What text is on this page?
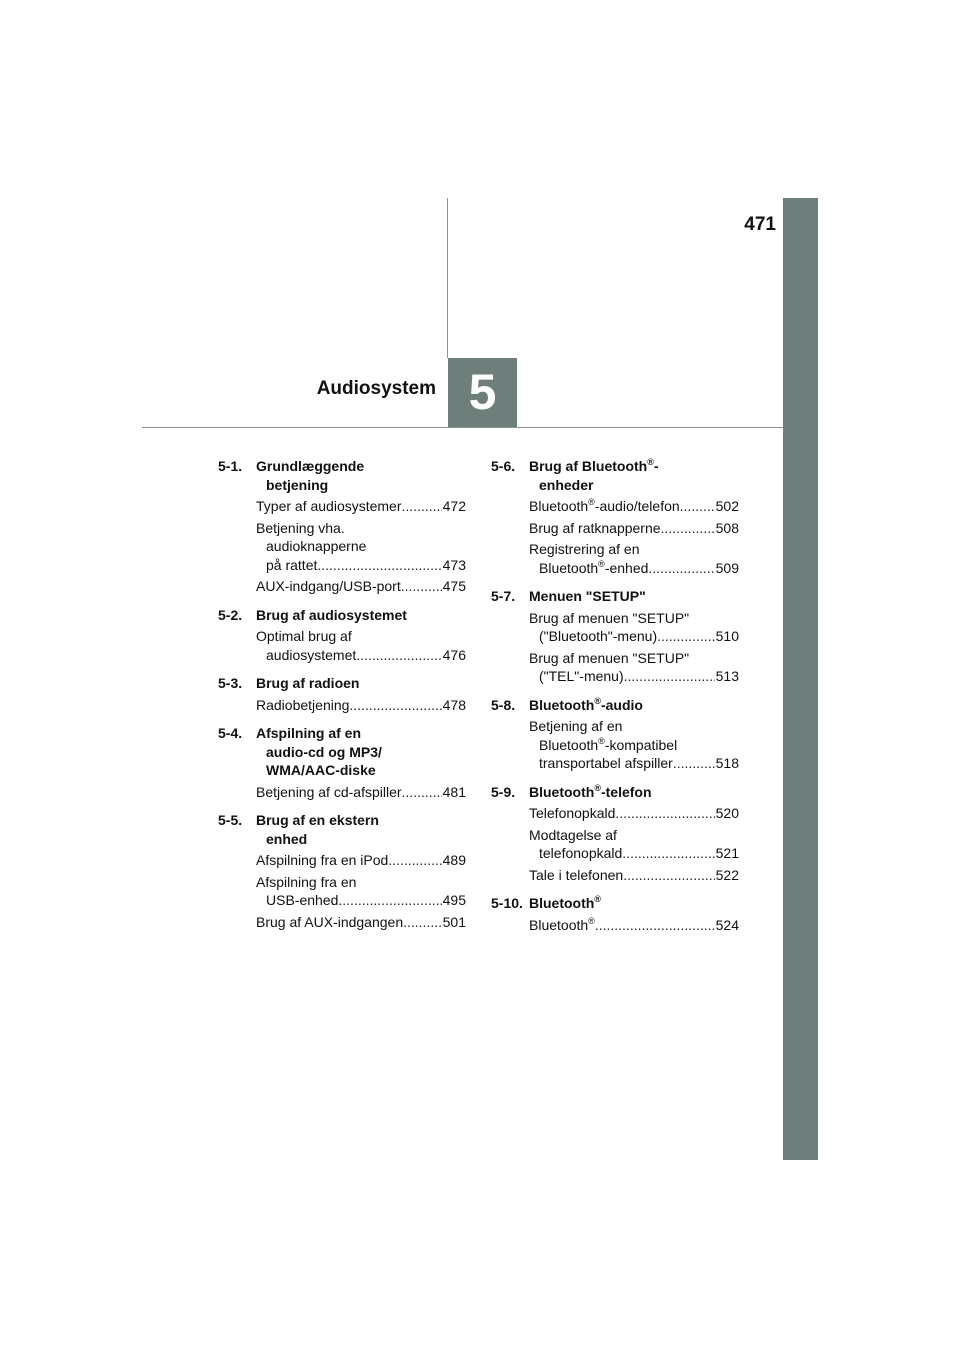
471
5
Audiosystem
5-1. Grundlæggende
betjening
Typer af audiosystemer .....	472
Betjening vha.
audioknapperne
på rattet .....	473
AUX-indgang/USB-port .....	475
5-2. Brug af audiosystemet
Optimal brug af
audiosystemet .....	476
5-3. Brug af radioen
Radiobetjening .....	478
5-4. Afspilning af en
audio-cd og MP3/
WMA/AAC-diske
Betjening af cd-afspiller .....	481
5-5. Brug af en ekstern
enhed
Afspilning fra en iPod .....	489
Afspilning fra en
USB-enhed .....	495
Brug af AUX-indgangen .....	501
5-6. Brug af Bluetooth®-
enheder
Bluetooth®-audio/telefon .....	502
Brug af ratknapperne .....	508
Registrering af en
Bluetooth®-enhed .....	509
5-7. Menuen "SETUP"
Brug af menuen "SETUP"
("Bluetooth"-menu) .....	510
Brug af menuen "SETUP"
("TEL"-menu) .....	513
5-8. Bluetooth®-audio
Betjening af en
Bluetooth®-kompatibel
transportabel afspiller .....	518
5-9. Bluetooth®-telefon
Telefonopkald .....	520
Modtagelse af
telefonopkald .....	521
Tale i telefonen .....	522
5-10. Bluetooth®
Bluetooth® .....	524
